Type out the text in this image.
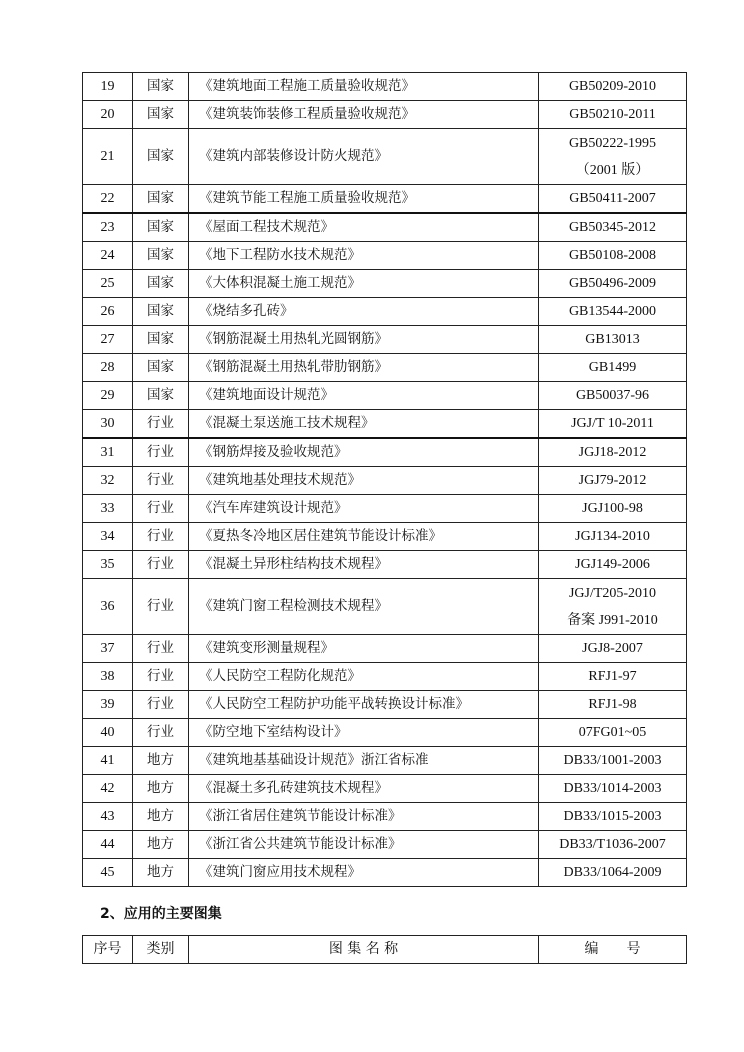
19	国家	《建筑地面工程施工质量验收规范》	GB50209-2010

20	国家	《建筑装饰装修工程质量验收规范》	GB50210-2011

21	国家	《建筑内部装修设计防火规范》	GB50222-1995
（2001 版）

22	国家	《建筑节能工程施工质量验收规范》	GB50411-2007

23	国家	《屋面工程技术规范》	GB50345-2012

24	国家	《地下工程防水技术规范》	GB50108-2008

25	国家	《大体积混凝土施工规范》	GB50496-2009

26	国家	《烧结多孔砖》	GB13544-2000

27	国家	《钢筋混凝土用热轧光圆钢筋》	GB13013

28	国家	《钢筋混凝土用热轧带肋钢筋》	GB1499

29	国家	《建筑地面设计规范》	GB50037-96

30	行业	《混凝土泵送施工技术规程》	JGJ/T 10-2011

31	行业	《钢筋焊接及验收规范》	JGJ18-2012

32	行业	《建筑地基处理技术规范》	JGJ79-2012

33	行业	《汽车库建筑设计规范》	JGJ100-98

34	行业	《夏热冬冷地区居住建筑节能设计标准》	JGJ134-2010

35	行业	《混凝土异形柱结构技术规程》	JGJ149-2006

36	行业	《建筑门窗工程检测技术规程》	JGJ/T205-2010
备案 J991-2010

37	行业	《建筑变形测量规程》	JGJ8-2007

38	行业	《人民防空工程防化规范》	RFJ1-97

39	行业	《人民防空工程防护功能平战转换设计标准》	RFJ1-98

40	行业	《防空地下室结构设计》	07FG01~05

41	地方	《建筑地基基础设计规范》浙江省标准	DB33/1001-2003

42	地方	《混凝土多孔砖建筑技术规程》	DB33/1014-2003

43	地方	《浙江省居住建筑节能设计标准》	DB33/1015-2003

44	地方	《浙江省公共建筑节能设计标准》	DB33/T1036-2007

45	地方	《建筑门窗应用技术规程》	DB33/1064-2009
2、应用的主要图集
序号	类别	图 集 名 称	编　　号
